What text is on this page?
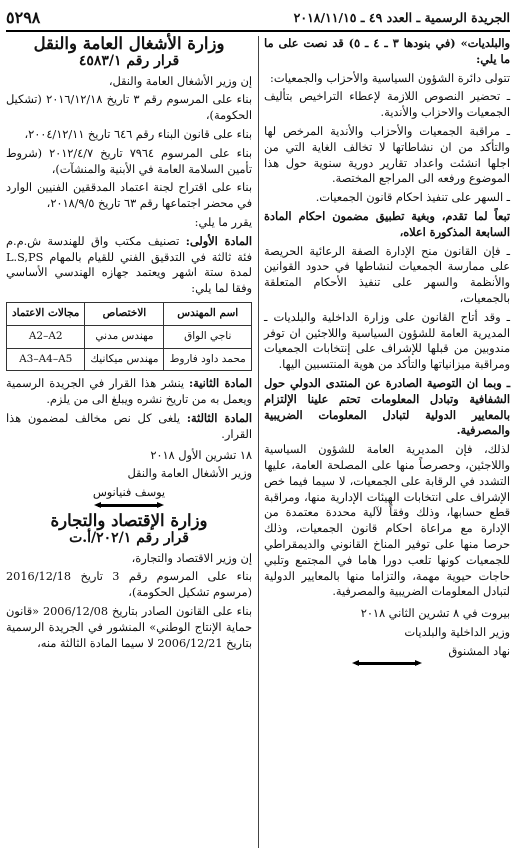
٥٢٩٨	الجريدة الرسمية ـ العدد ٤٩ ـ ٢٠١٨/١١/١٥

والبلديات» (في بنودها ٣ ـ ٤ ـ ٥) قد نصت على ما ما يلي:

تتولى دائرة الشؤون السياسية والأحزاب والجمعيات:

ـ تحضير النصوص اللازمة لإعطاء التراخيص بتأليف الجمعيات والاحزاب والأندية.

ـ مراقبة الجمعيات والأحزاب والأندية المرخص لها والتأكد من ان نشاطاتها لا تخالف الغاية التي من اجلها انشئت واعداد تقارير دورية سنوية حول هذا الموضوع ورفعه الى المراجع المختصة.

ـ السهر على تنفيذ احكام قانون الجمعيات.

تبعاً لما تقدم، وبغية تطبيق مضمون احكام المادة السابعة المذكورة اعلاه،

ـ فإن القانون منح الإدارة الصفة الرعائية الحريصة على ممارسة الجمعيات لنشاطها في حدود القوانين والأنظمة والسهر على تنفيذ الأحكام المتعلقة بالجمعيات،

ـ وقد أتاح القانون على وزارة الداخلية والبلديات ـ المديرية العامة للشؤون السياسية واللاجئين ان توفر مندوبين من قبلها للإشراف على إنتخابات الجمعيات ومراقبة ميزانياتها والتأكد من هوية المنتسبين اليها.

ـ وبما ان التوصية الصادرة عن المنتدى الدولي حول الشفافية وتبادل المعلومات تحتم علينا الإلتزام بالمعايير الدولية لتبادل المعلومات الضريبية والمصرفية.

لذلك، فإن المديرية العامة للشؤون السياسية واللاجئين، وحصرصاً منها على المصلحة العامة، عليها التشدد في الرقابة على الجمعيات، لا سيما فيما خص الإشراف على انتخابات الهيئات الإدارية منها، ومراقبة قطع حسابها، وذلك وفقاً لآلية محددة معتمدة من الإدارة مع مراعاة احكام قانون الجمعيات، وذلك حرصا منها على توفير المناخ القانوني والديمقراطي للجمعيات كونها تلعب دورا هاما في المجتمع وتلبي حاجات حيوية مهمة، والتزاما منها بالمعايير الدولية لتبادل المعلومات الضريبية والمصرفية.

بيروت في ٨ تشرين الثاني ٢٠١٨

وزير الداخلية والبلديات

نهاد المشنوق

وزارة الأشغال العامة والنقل
قرار رقم ٤٥٨٣/١

إن وزير الأشغال العامة والنقل،

بناء على المرسوم رقم ٣ تاريخ ٢٠١٦/١٢/١٨ (تشكيل الحكومة)،

بناء على قانون البناء رقم ٦٤٦ تاريخ ٢٠٠٤/١٢/١١،

بناء على المرسوم ٧٩٦٤ تاريخ ٢٠١٢/٤/٧ (شروط تأمين السلامة العامة في الأبنية والمنشآت)،

بناء على اقتراح لجنة اعتماد المدققين الفنيين الوارد في محضر اجتماعها رقم ٦٣ تاريخ ٢٠١٨/٩/٥،

يقرر ما يلي:

المادة الأولى: تصنيف مكتب واق للهندسة ش.م.م فئة ثالثة في التدقيق الفني للقيام بالمهام L.S,PS لمدة ستة اشهر ويعتمد جهازه الهندسي الأساسي وفقا لما يلي:

اسم المهندس	الاختصاص	مجالات الاعتماد
ناجي الواق	مهندس مدني	A2–A2
محمد داود فاروط	مهندس ميكانيك	A3–A4–A5

المادة الثانية: ينشر هذا القرار في الجريدة الرسمية ويعمل به من تاريخ نشره ويبلغ الى من يلزم.

المادة الثالثة: يلغى كل نص مخالف لمضمون هذا القرار.

١٨ تشرين الأول ٢٠١٨

وزير الأشغال العامة والنقل

يوسف فنيانوس

وزارة الإقتصاد والتجارة
قرار رقم ٢٠٢/١/أ.ت

إن وزير الاقتصاد والتجارة،

بناء على المرسوم رقم 3 تاريخ 2016/12/18 (مرسوم تشكيل الحكومة)،

بناء على القانون الصادر بتاريخ 2006/12/08 «قانون حماية الإنتاج الوطني» المنشور في الجريدة الرسمية بتاريخ 2006/12/21 لا سيما المادة الثالثة منه،
